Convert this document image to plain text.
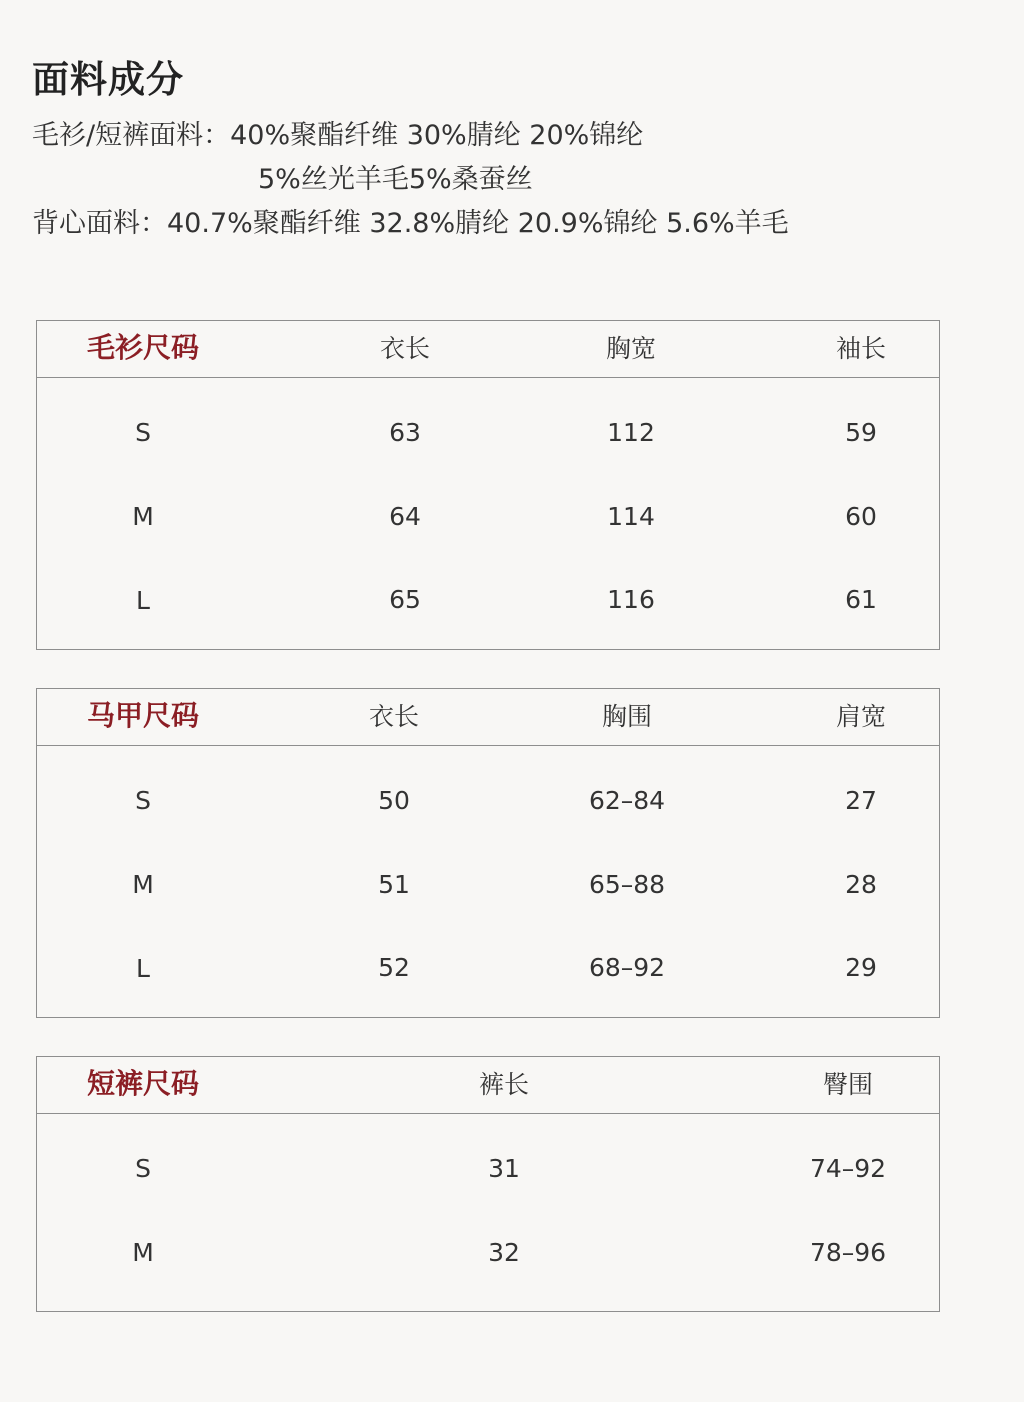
面料成分
毛衫/短裤面料：40%聚酯纤维 30%腈纶 20%锦纶
5%丝光羊毛5%桑蚕丝
背心面料：40.7%聚酯纤维 32.8%腈纶 20.9%锦纶 5.6%羊毛
毛衫尺码	衣长	胸宽	袖长
S	63	112	59
M	64	114	60
L	65	116	61
马甲尺码	衣长	胸围	肩宽
S	50	62–84	27
M	51	65–88	28
L	52	68–92	29
短裤尺码	裤长	臀围
S	31	74–92
M	32	78–96
